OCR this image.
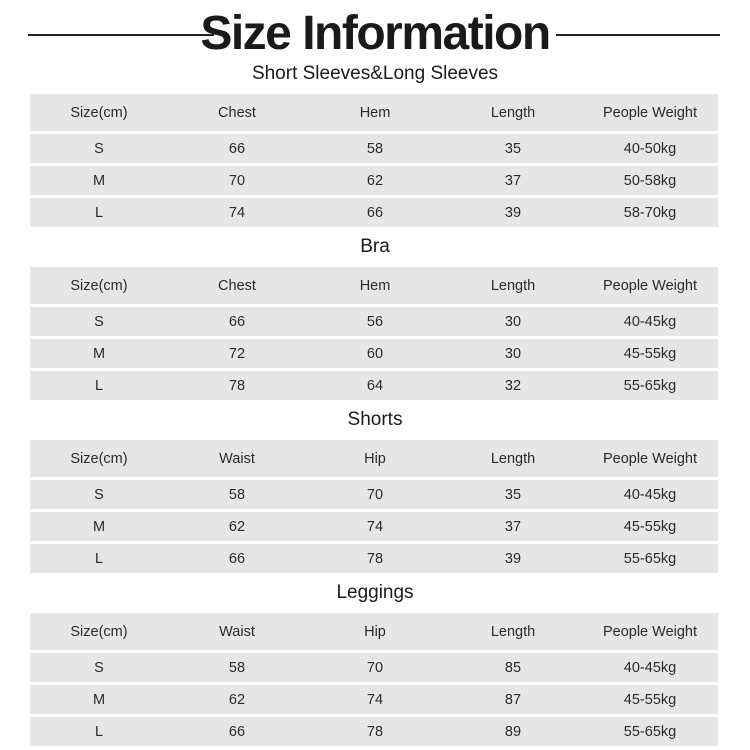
Size Information
Short Sleeves&Long Sleeves
Size(cm)	Chest	Hem	Length	People Weight
S	66	58	35	40-50kg
M	70	62	37	50-58kg
L	74	66	39	58-70kg
Bra
Size(cm)	Chest	Hem	Length	People Weight
S	66	56	30	40-45kg
M	72	60	30	45-55kg
L	78	64	32	55-65kg
Shorts
Size(cm)	Waist	Hip	Length	People Weight
S	58	70	35	40-45kg
M	62	74	37	45-55kg
L	66	78	39	55-65kg
Leggings
Size(cm)	Waist	Hip	Length	People Weight
S	58	70	85	40-45kg
M	62	74	87	45-55kg
L	66	78	89	55-65kg
